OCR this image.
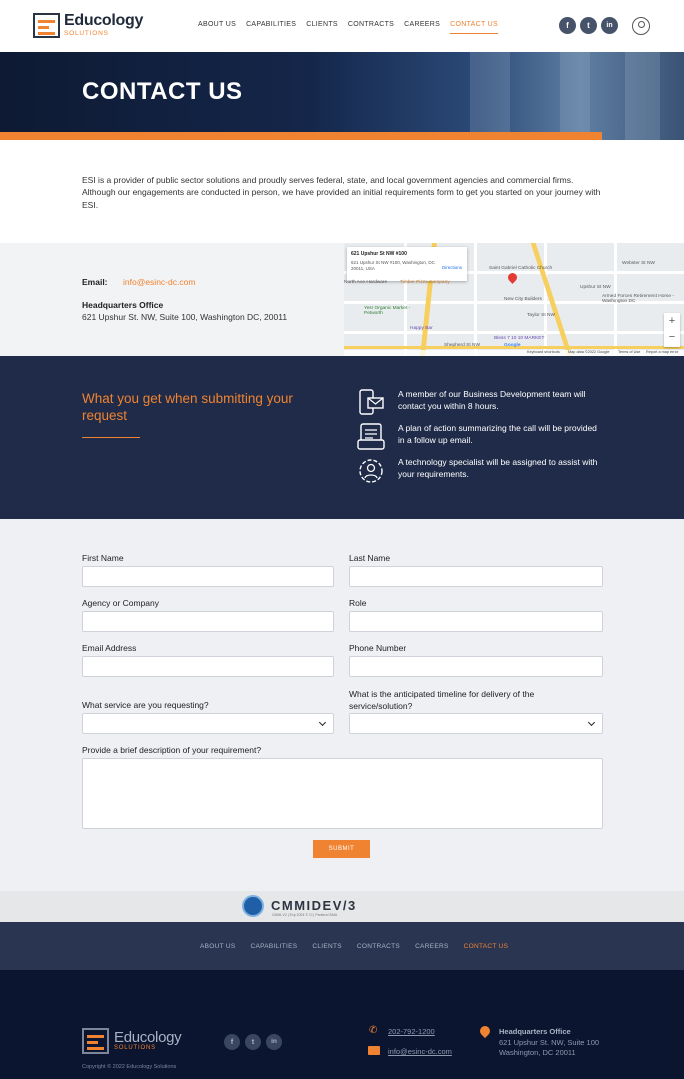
Educology
SOLUTIONS
ABOUT US CAPABILITIES CLIENTS CONTRACTS CAREERS CONTACT US	f	t	in
CONTACT US

ESI is a provider of public sector solutions and proudly serves federal, state, and local government agencies and commercial firms. Although our engagements are conducted in person, we have provided an initial requirements form to get you started on your journey with ESI.

Email: info@esinc-dc.com
Headquarters Office
621 Upshur St. NW, Suite 100, Washington DC, 20011
621 Upshur St NW #100
621 Upshur St NW #100, Washington, DC 20011, USA	Directions	Saint Gabriel Catholic Church
Webster St NW
Timber Pizza Company
North Ace Hardware
Upshur St NW
New City Builders
Yes! Organic Market - Petworth
Armed Forces Retirement Home - Washington DC
Taylor St NW
Happy Bar
Shepherd St NW
Bless 7 10 10 MARKET
Google
+
−
Keyboard shortcuts Map data ©2022 Google Terms of Use Report a map error
What you get when submitting your request
A member of our Business Development team will contact you within 8 hours.
A plan of action summarizing the call will be provided in a follow up email.
A technology specialist will be assigned to assist with your requirements.
First Name	Last Name
Agency or Company	Role
Email Address	Phone Number
What service are you requesting?
What is the anticipated timeline for delivery of the service/solution?
Provide a brief description of your requirement?
SUBMIT
CMMIDEV/3
CMMI-V2 | Exp 2024 © CI | Pantera ISMA
ABOUT US CAPABILITIES CLIENTS CONTRACTS CAREERS CONTACT US
Educology
SOLUTIONS
Copyright © 2022 Educology Solutions
f	t	in
✆	202-792-1200
info@esinc-dc.com
Headquarters Office
621 Upshur St. NW, Suite 100
Washington, DC 20011
